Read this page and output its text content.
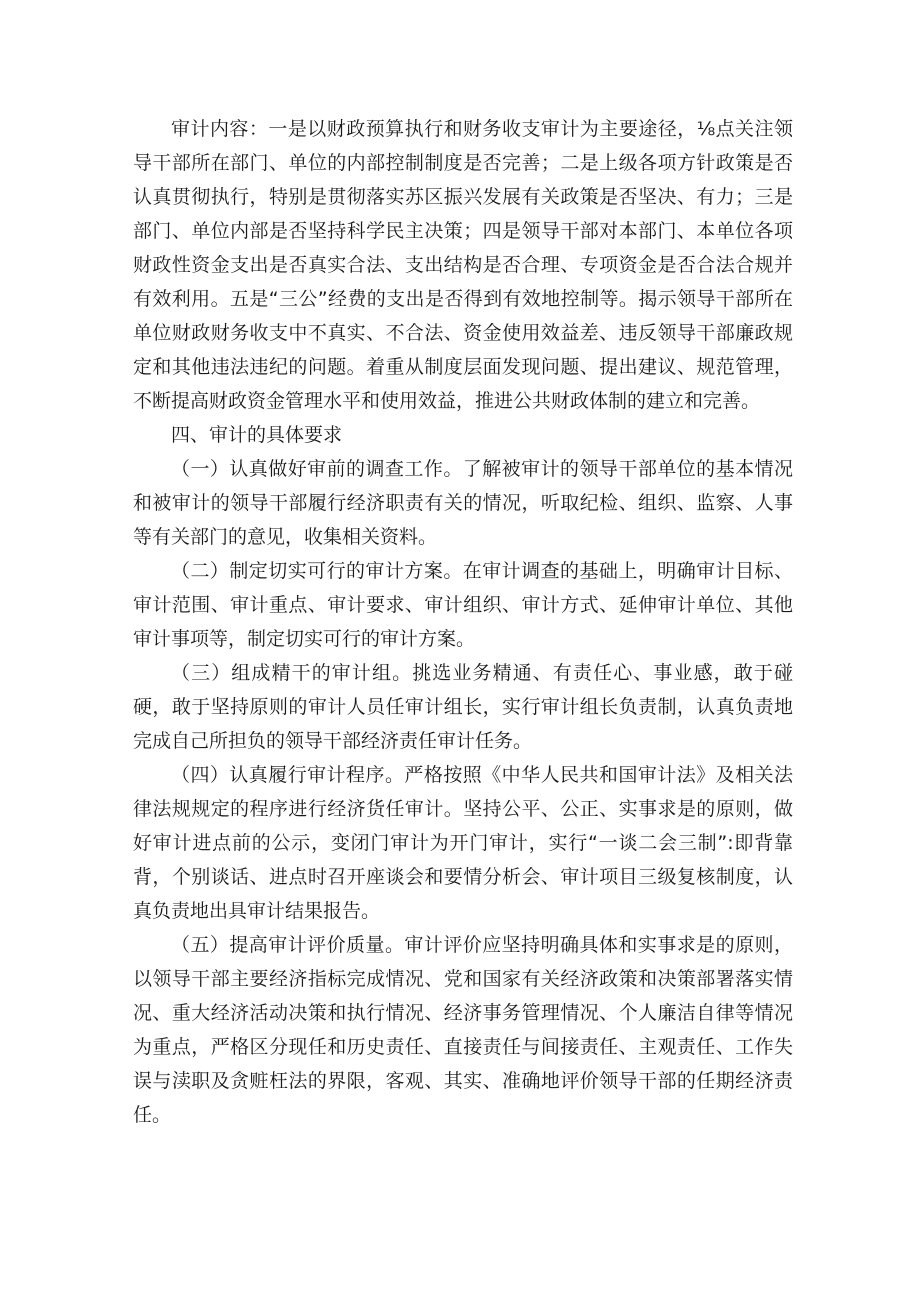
审计内容：一是以财政预算执行和财务收支审计为主要途径，⅛点关注领导干部所在部门、单位的内部控制制度是否完善；二是上级各项方针政策是否认真贯彻执行，特别是贯彻落实苏区振兴发展有关政策是否坚决、有力；三是部门、单位内部是否坚持科学民主决策；四是领导干部对本部门、本单位各项财政性资金支出是否真实合法、支出结构是否合理、专项资金是否合法合规并有效利用。五是“三公”经费的支出是否得到有效地控制等。揭示领导干部所在单位财政财务收支中不真实、不合法、资金使用效益差、违反领导干部廉政规定和其他违法违纪的问题。着重从制度层面发现问题、提出建议、规范管理，不断提高财政资金管理水平和使用效益，推进公共财政体制的建立和完善。

四、审计的具体要求

（一）认真做好审前的调查工作。了解被审计的领导干部单位的基本情况和被审计的领导干部履行经济职责有关的情况，听取纪检、组织、监察、人事等有关部门的意见，收集相关资料。

（二）制定切实可行的审计方案。在审计调查的基础上，明确审计目标、审计范围、审计重点、审计要求、审计组织、审计方式、延伸审计单位、其他审计事项等，制定切实可行的审计方案。

（三）组成精干的审计组。挑选业务精通、有责任心、事业感，敢于碰硬，敢于坚持原则的审计人员任审计组长，实行审计组长负责制，认真负责地完成自己所担负的领导干部经济责任审计任务。

（四）认真履行审计程序。严格按照《中华人民共和国审计法》及相关法律法规规定的程序进行经济货任审计。坚持公平、公正、实事求是的原则，做好审计进点前的公示，变闭门审计为开门审计，实行“一谈二会三制”:即背靠背，个别谈话、进点时召开座谈会和要情分析会、审计项目三级复核制度，认真负责地出具审计结果报告。

（五）提高审计评价质量。审计评价应坚持明确具体和实事求是的原则，以领导干部主要经济指标完成情况、党和国家有关经济政策和决策部署落实情况、重大经济活动决策和执行情况、经济事务管理情况、个人廉洁自律等情况为重点，严格区分现任和历史责任、直接责任与间接责任、主观责任、工作失误与渎职及贪赃枉法的界限，客观、其实、准确地评价领导干部的任期经济责任。
